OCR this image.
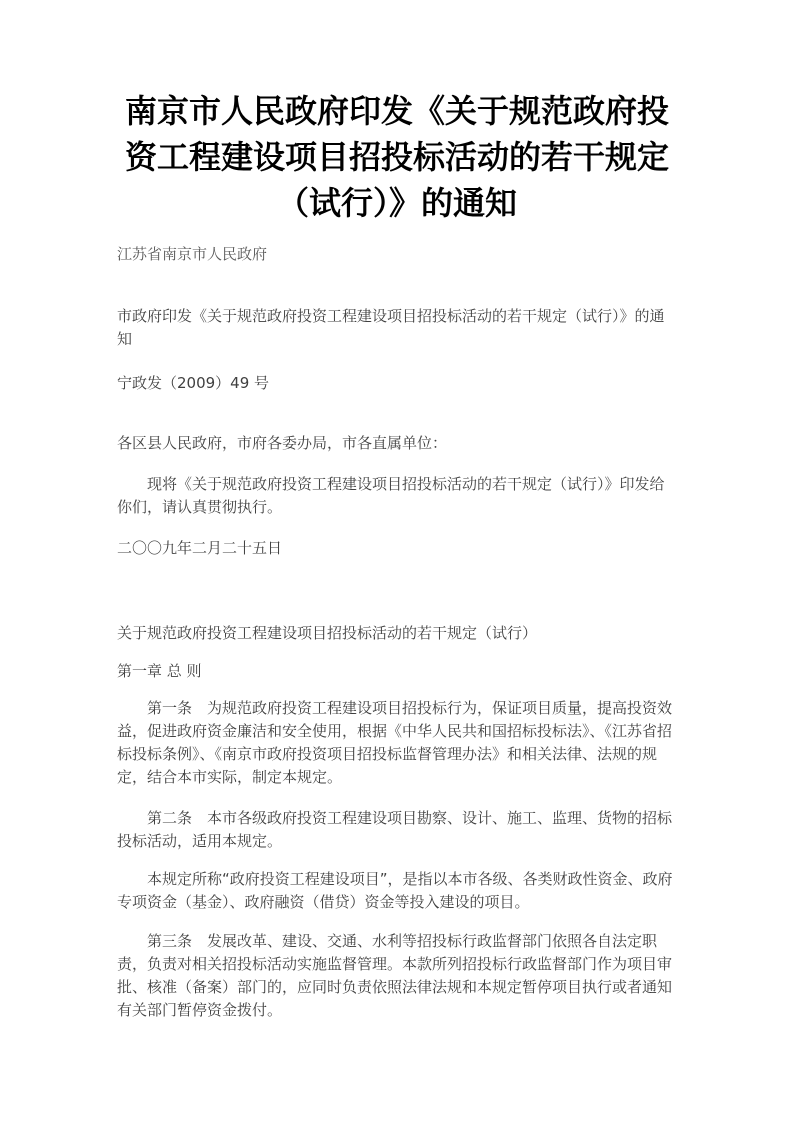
南京市人民政府印发《关于规范政府投资工程建设项目招投标活动的若干规定（试行）》的通知
江苏省南京市人民政府

市政府印发《关于规范政府投资工程建设项目招投标活动的若干规定（试行）》的通知

宁政发（2009）49 号

各区县人民政府，市府各委办局，市各直属单位：

现将《关于规范政府投资工程建设项目招投标活动的若干规定（试行）》印发给你们，请认真贯彻执行。

二〇〇九年二月二十五日

关于规范政府投资工程建设项目招投标活动的若干规定（试行）

第一章 总 则

第一条　为规范政府投资工程建设项目招投标行为，保证项目质量，提高投资效益，促进政府资金廉洁和安全使用，根据《中华人民共和国招标投标法》、《江苏省招标投标条例》、《南京市政府投资项目招投标监督管理办法》和相关法律、法规的规定，结合本市实际，制定本规定。

第二条　本市各级政府投资工程建设项目勘察、设计、施工、监理、货物的招标投标活动，适用本规定。

本规定所称“政府投资工程建设项目”，是指以本市各级、各类财政性资金、政府专项资金（基金）、政府融资（借贷）资金等投入建设的项目。

第三条　发展改革、建设、交通、水利等招投标行政监督部门依照各自法定职责，负责对相关招投标活动实施监督管理。本款所列招投标行政监督部门作为项目审批、核准（备案）部门的，应同时负责依照法律法规和本规定暂停项目执行或者通知有关部门暂停资金拨付。
